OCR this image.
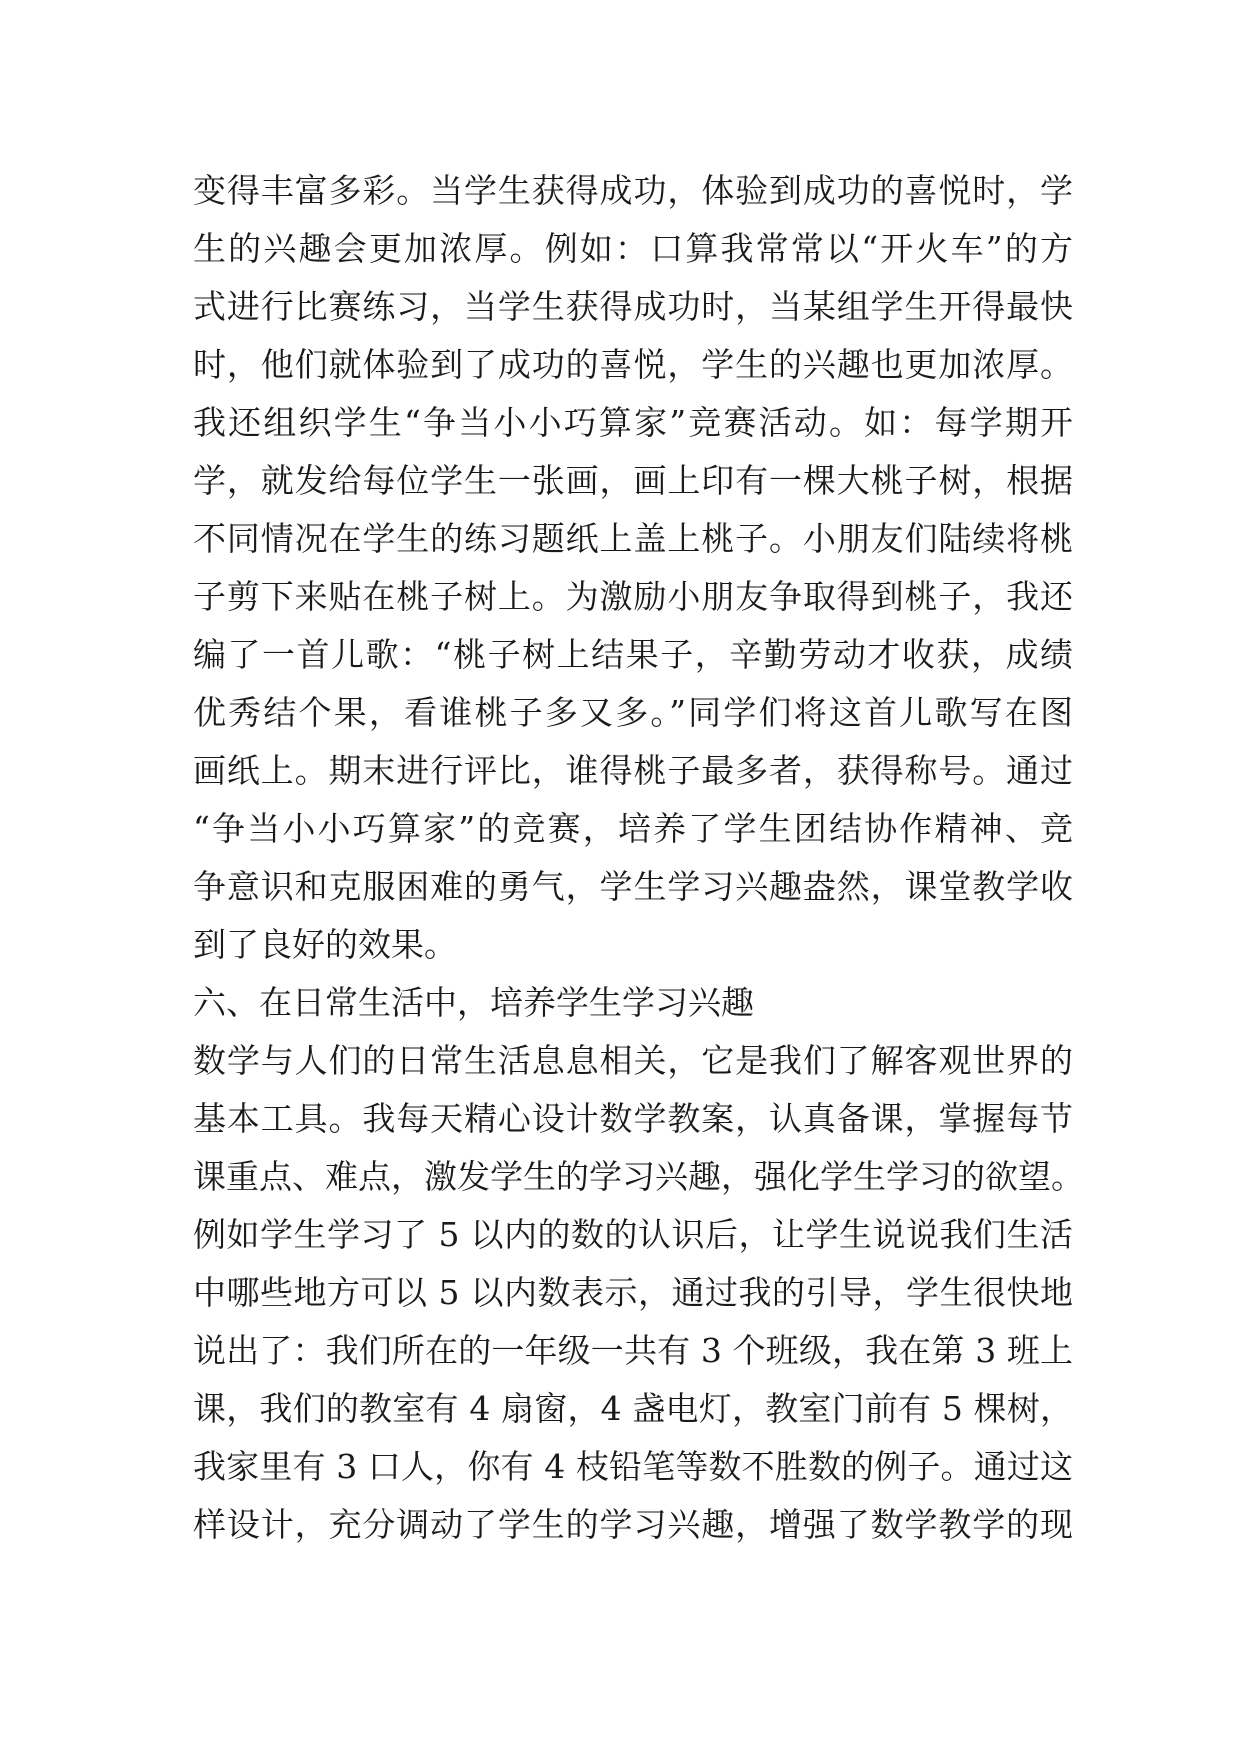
变得丰富多彩。当学生获得成功，体验到成功的喜悦时，学
生的兴趣会更加浓厚。例如：口算我常常以“开火车”的方
式进行比赛练习，当学生获得成功时，当某组学生开得最快
时，他们就体验到了成功的喜悦，学生的兴趣也更加浓厚。
我还组织学生“争当小小巧算家”竞赛活动。如：每学期开
学，就发给每位学生一张画，画上印有一棵大桃子树，根据
不同情况在学生的练习题纸上盖上桃子。小朋友们陆续将桃
子剪下来贴在桃子树上。为激励小朋友争取得到桃子，我还
编了一首儿歌：“桃子树上结果子，辛勤劳动才收获，成绩
优秀结个果，看谁桃子多又多。”同学们将这首儿歌写在图
画纸上。期末进行评比，谁得桃子最多者，获得称号。通过
“争当小小巧算家”的竞赛，培养了学生团结协作精神、竞
争意识和克服困难的勇气，学生学习兴趣盎然，课堂教学收
到了良好的效果。
六、在日常生活中，培养学生学习兴趣
数学与人们的日常生活息息相关，它是我们了解客观世界的
基本工具。我每天精心设计数学教案，认真备课，掌握每节
课重点、难点，激发学生的学习兴趣，强化学生学习的欲望。
例如学生学习了 5 以内的数的认识后，让学生说说我们生活
中哪些地方可以 5 以内数表示，通过我的引导，学生很快地
说出了：我们所在的一年级一共有 3 个班级，我在第 3 班上
课，我们的教室有 4 扇窗，4 盏电灯，教室门前有 5 棵树，
我家里有 3 口人，你有 4 枝铅笔等数不胜数的例子。通过这
样设计，充分调动了学生的学习兴趣，增强了数学教学的现
